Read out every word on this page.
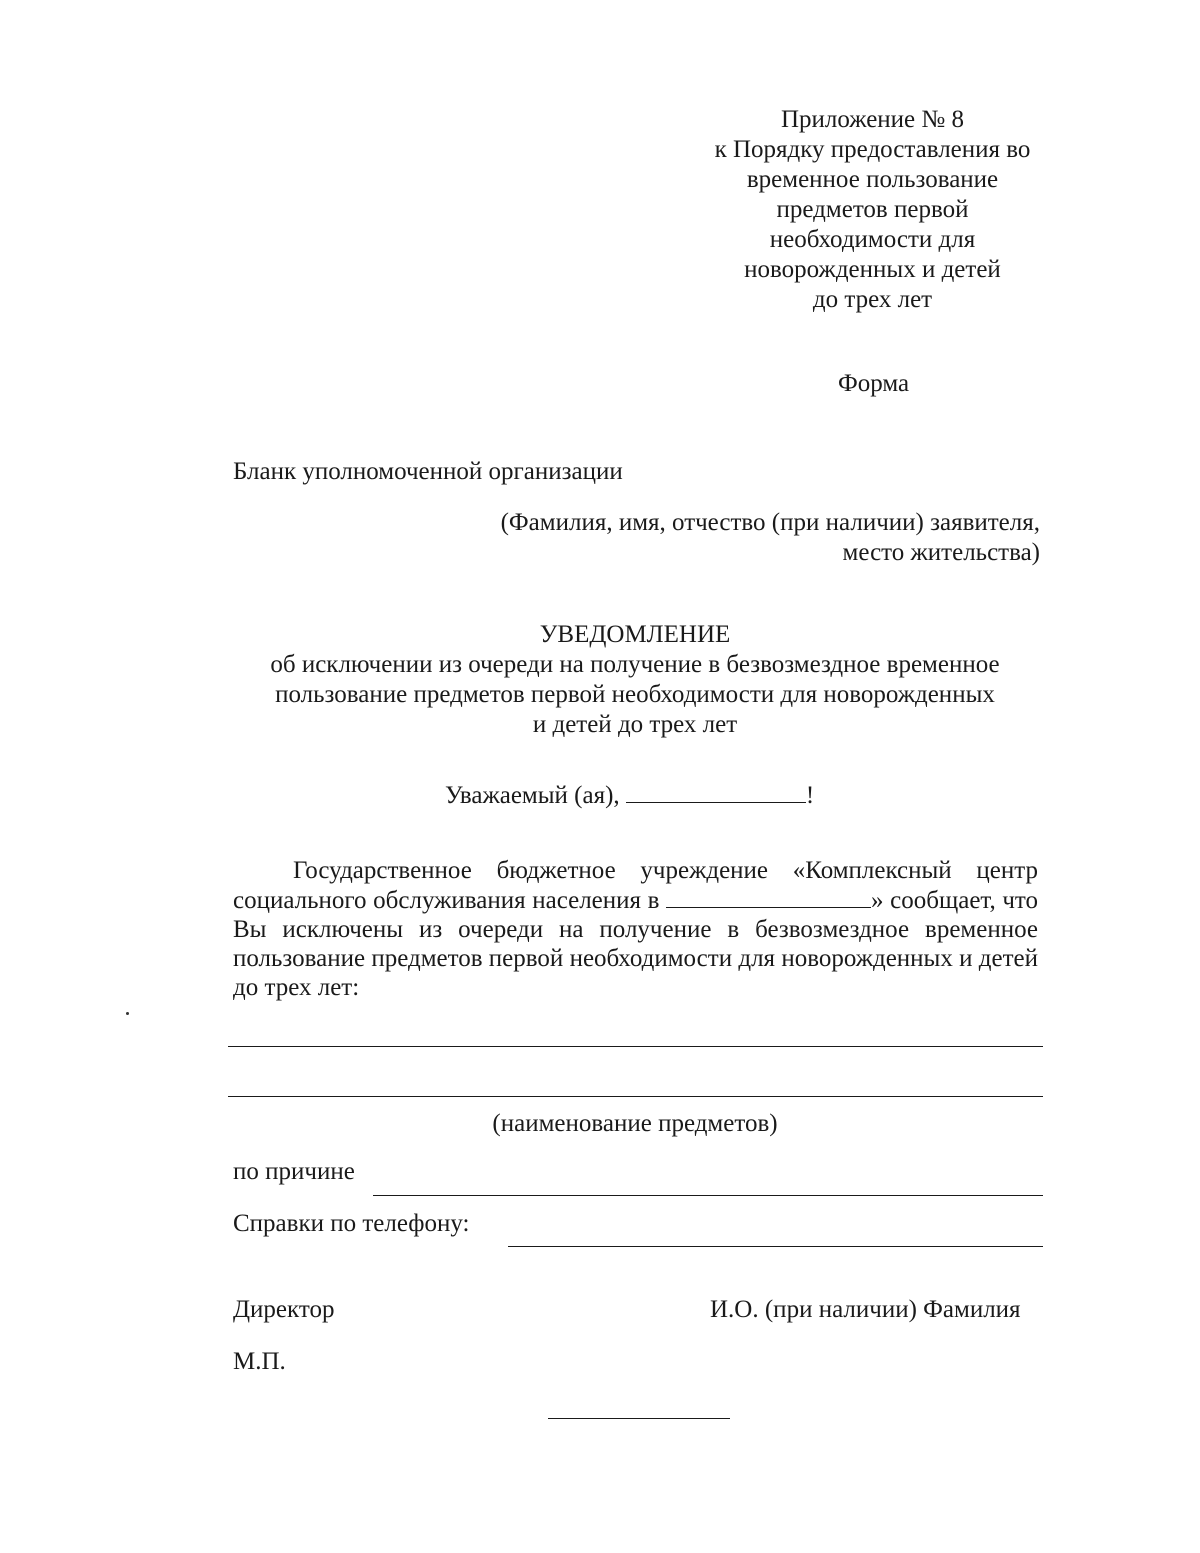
Приложение № 8
к Порядку предоставления во
временное пользование
предметов первой
необходимости для
новорожденных и детей
до трех лет
Форма
Бланк уполномоченной организации
(Фамилия, имя, отчество (при наличии) заявителя,
место жительства)
УВЕДОМЛЕНИЕ
об исключении из очереди на получение в безвозмездное временное
пользование предметов первой необходимости для новорожденных
и детей до трех лет
Уважаемый (ая),	!
Государственное бюджетное учреждение «Комплексный центр социального обслуживания населения в	» сообщает, что Вы исключены из очереди на получение в безвозмездное временное пользование предметов первой необходимости для новорожденных и детей до трех лет:
(наименование предметов)
по причине
Справки по телефону:
Директор	И.О. (при наличии) Фамилия
М.П.
